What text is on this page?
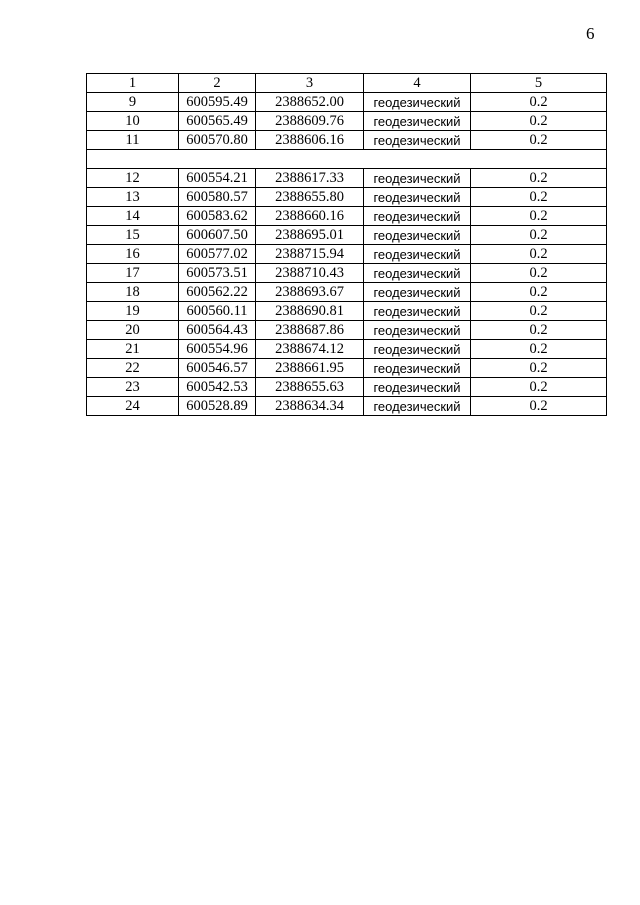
6
1	2	3	4	5
9	600595.49	2388652.00	геодезический	0.2
10	600565.49	2388609.76	геодезический	0.2
11	600570.80	2388606.16	геодезический	0.2

12	600554.21	2388617.33	геодезический	0.2
13	600580.57	2388655.80	геодезический	0.2
14	600583.62	2388660.16	геодезический	0.2
15	600607.50	2388695.01	геодезический	0.2
16	600577.02	2388715.94	геодезический	0.2
17	600573.51	2388710.43	геодезический	0.2
18	600562.22	2388693.67	геодезический	0.2
19	600560.11	2388690.81	геодезический	0.2
20	600564.43	2388687.86	геодезический	0.2
21	600554.96	2388674.12	геодезический	0.2
22	600546.57	2388661.95	геодезический	0.2
23	600542.53	2388655.63	геодезический	0.2
24	600528.89	2388634.34	геодезический	0.2
